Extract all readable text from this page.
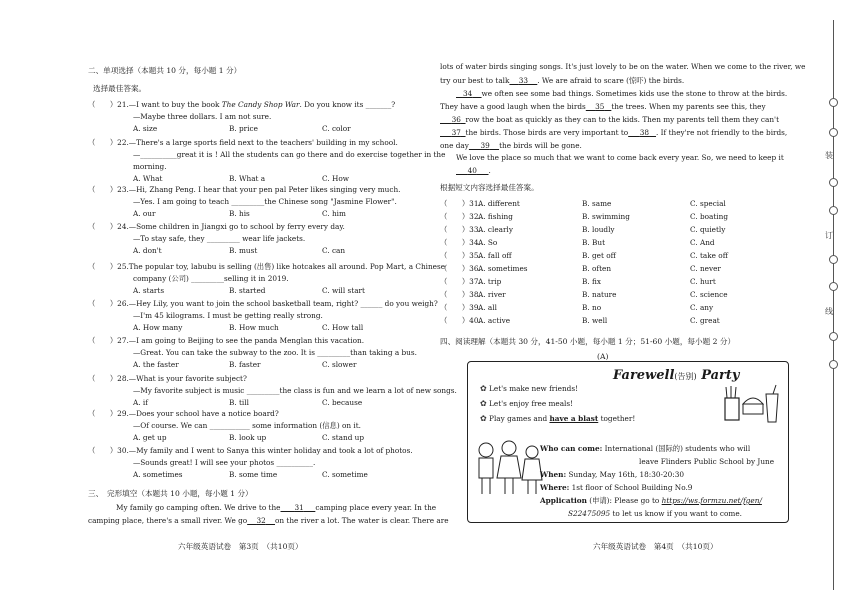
二、单项选择（本题共 10 分，每小题 1 分）
选择最佳答案。
（　　）21.—I want to buy the book The Candy Shop War. Do you know its _______?
—Maybe three dollars. I am not sure.
A. size	B. price	C. color
（　　）22.—There's a large sports field next to the teachers' building in my school.
—__________great it is ! All the students can go there and do exercise together in the
morning.
A. What	B. What a	C. How
（　　）23.—Hi, Zhang Peng. I hear that your pen pal Peter likes singing very much.
—Yes. I am going to teach _________the Chinese song "Jasmine Flower".
A. our	B. his	C. him
（　　）24.—Some children in Jiangxi go to school by ferry every day.
—To stay safe, they _________ wear life jackets.
A. don't	B. must	C. can
（　　）25.The popular toy, labubu is selling (出售) like hotcakes all around. Pop Mart, a Chinese
company (公司) _________selling it in 2019.
A. starts	B. started	C. will start
（　　）26.—Hey Lily, you want to join the school basketball team, right? ______ do you weigh?
—I'm 45 kilograms. I must be getting really strong.
A. How many	B. How much	C. How tall
（　　）27.—I am going to Beijing to see the panda Menglan this vacation.
—Great. You can take the subway to the zoo. It is _________than taking a bus.
A. the faster	B. faster	C. slower
（　　）28.—What is your favorite subject?
—My favorite subject is music _________the class is fun and we learn a lot of new songs.
A. if	B. till	C. because
（　　）29.—Does your school have a notice board?
—Of course. We can ___________ some information (信息) on it.
A. get up	B. look up	C. stand up
（　　）30.—My family and I went to Sanya this winter holiday and took a lot of photos.
—Sounds great! I will see your photos __________.
A. sometimes	B. some time	C. sometime
三、　完形填空（本题共 10 小题，每小题 1 分）
My family go camping often. We drive to the 31 camping place every year. In the
camping place, there's a small river. We go 32 on the river a lot. The water is clear. There are
六年级英语试卷　第3页　（共10页）
lots of water birds singing songs. It's just lovely to be on the water. When we come to the river, we
try our best to talk 33 . We are afraid to scare (惊吓) the birds.
34 we often see some bad things. Sometimes kids use the stone to throw at the birds.
They have a good laugh when the birds 35 the trees. When my parents see this, they
36 row the boat as quickly as they can to the kids. Then my parents tell them they can't
37 the birds. Those birds are very important to 38 . If they're not friendly to the birds,
one day 39 the birds will be gone.
We love the place so much that we want to come back every year. So, we need to keep it
40 .
根据短文内容选择最佳答案。
（　　）31.
A. different	B. same	C. special
（　　）32.
A. fishing	B. swimming	C. boating
（　　）33.
A. clearly	B. loudly	C. quietly
（　　）34.
A. So	B. But	C. And
（　　）35.
A. fall off	B. get off	C. take off
（　　）36.
A. sometimes	B. often	C. never
（　　）37.
A. trip	B. fix	C. hurt
（　　）38.
A. river	B. nature	C. science
（　　）39.
A. all	B. no	C. any
（　　）40.
A. active	B. well	C. great
四、阅读理解（本题共 30 分，41-50 小题，每小题 1 分；51-60 小题，每小题 2 分）
(A)
Farewell(告别) Party
✿ Let's make new friends!
✿ Let's enjoy free meals!
✿ Play games and have a blast together!
Who can come: International (国际的) students who will
leave Flinders Public School by June
When: Sunday, May 16th, 18:30-20:30
Where: 1st floor of School Building No.9
Application (申请): Please go to https://ws.formzu.net/fgen/
S22475095 to let us know if you want to come.
六年级英语试卷　第4页　（共10页）
装
订
线
